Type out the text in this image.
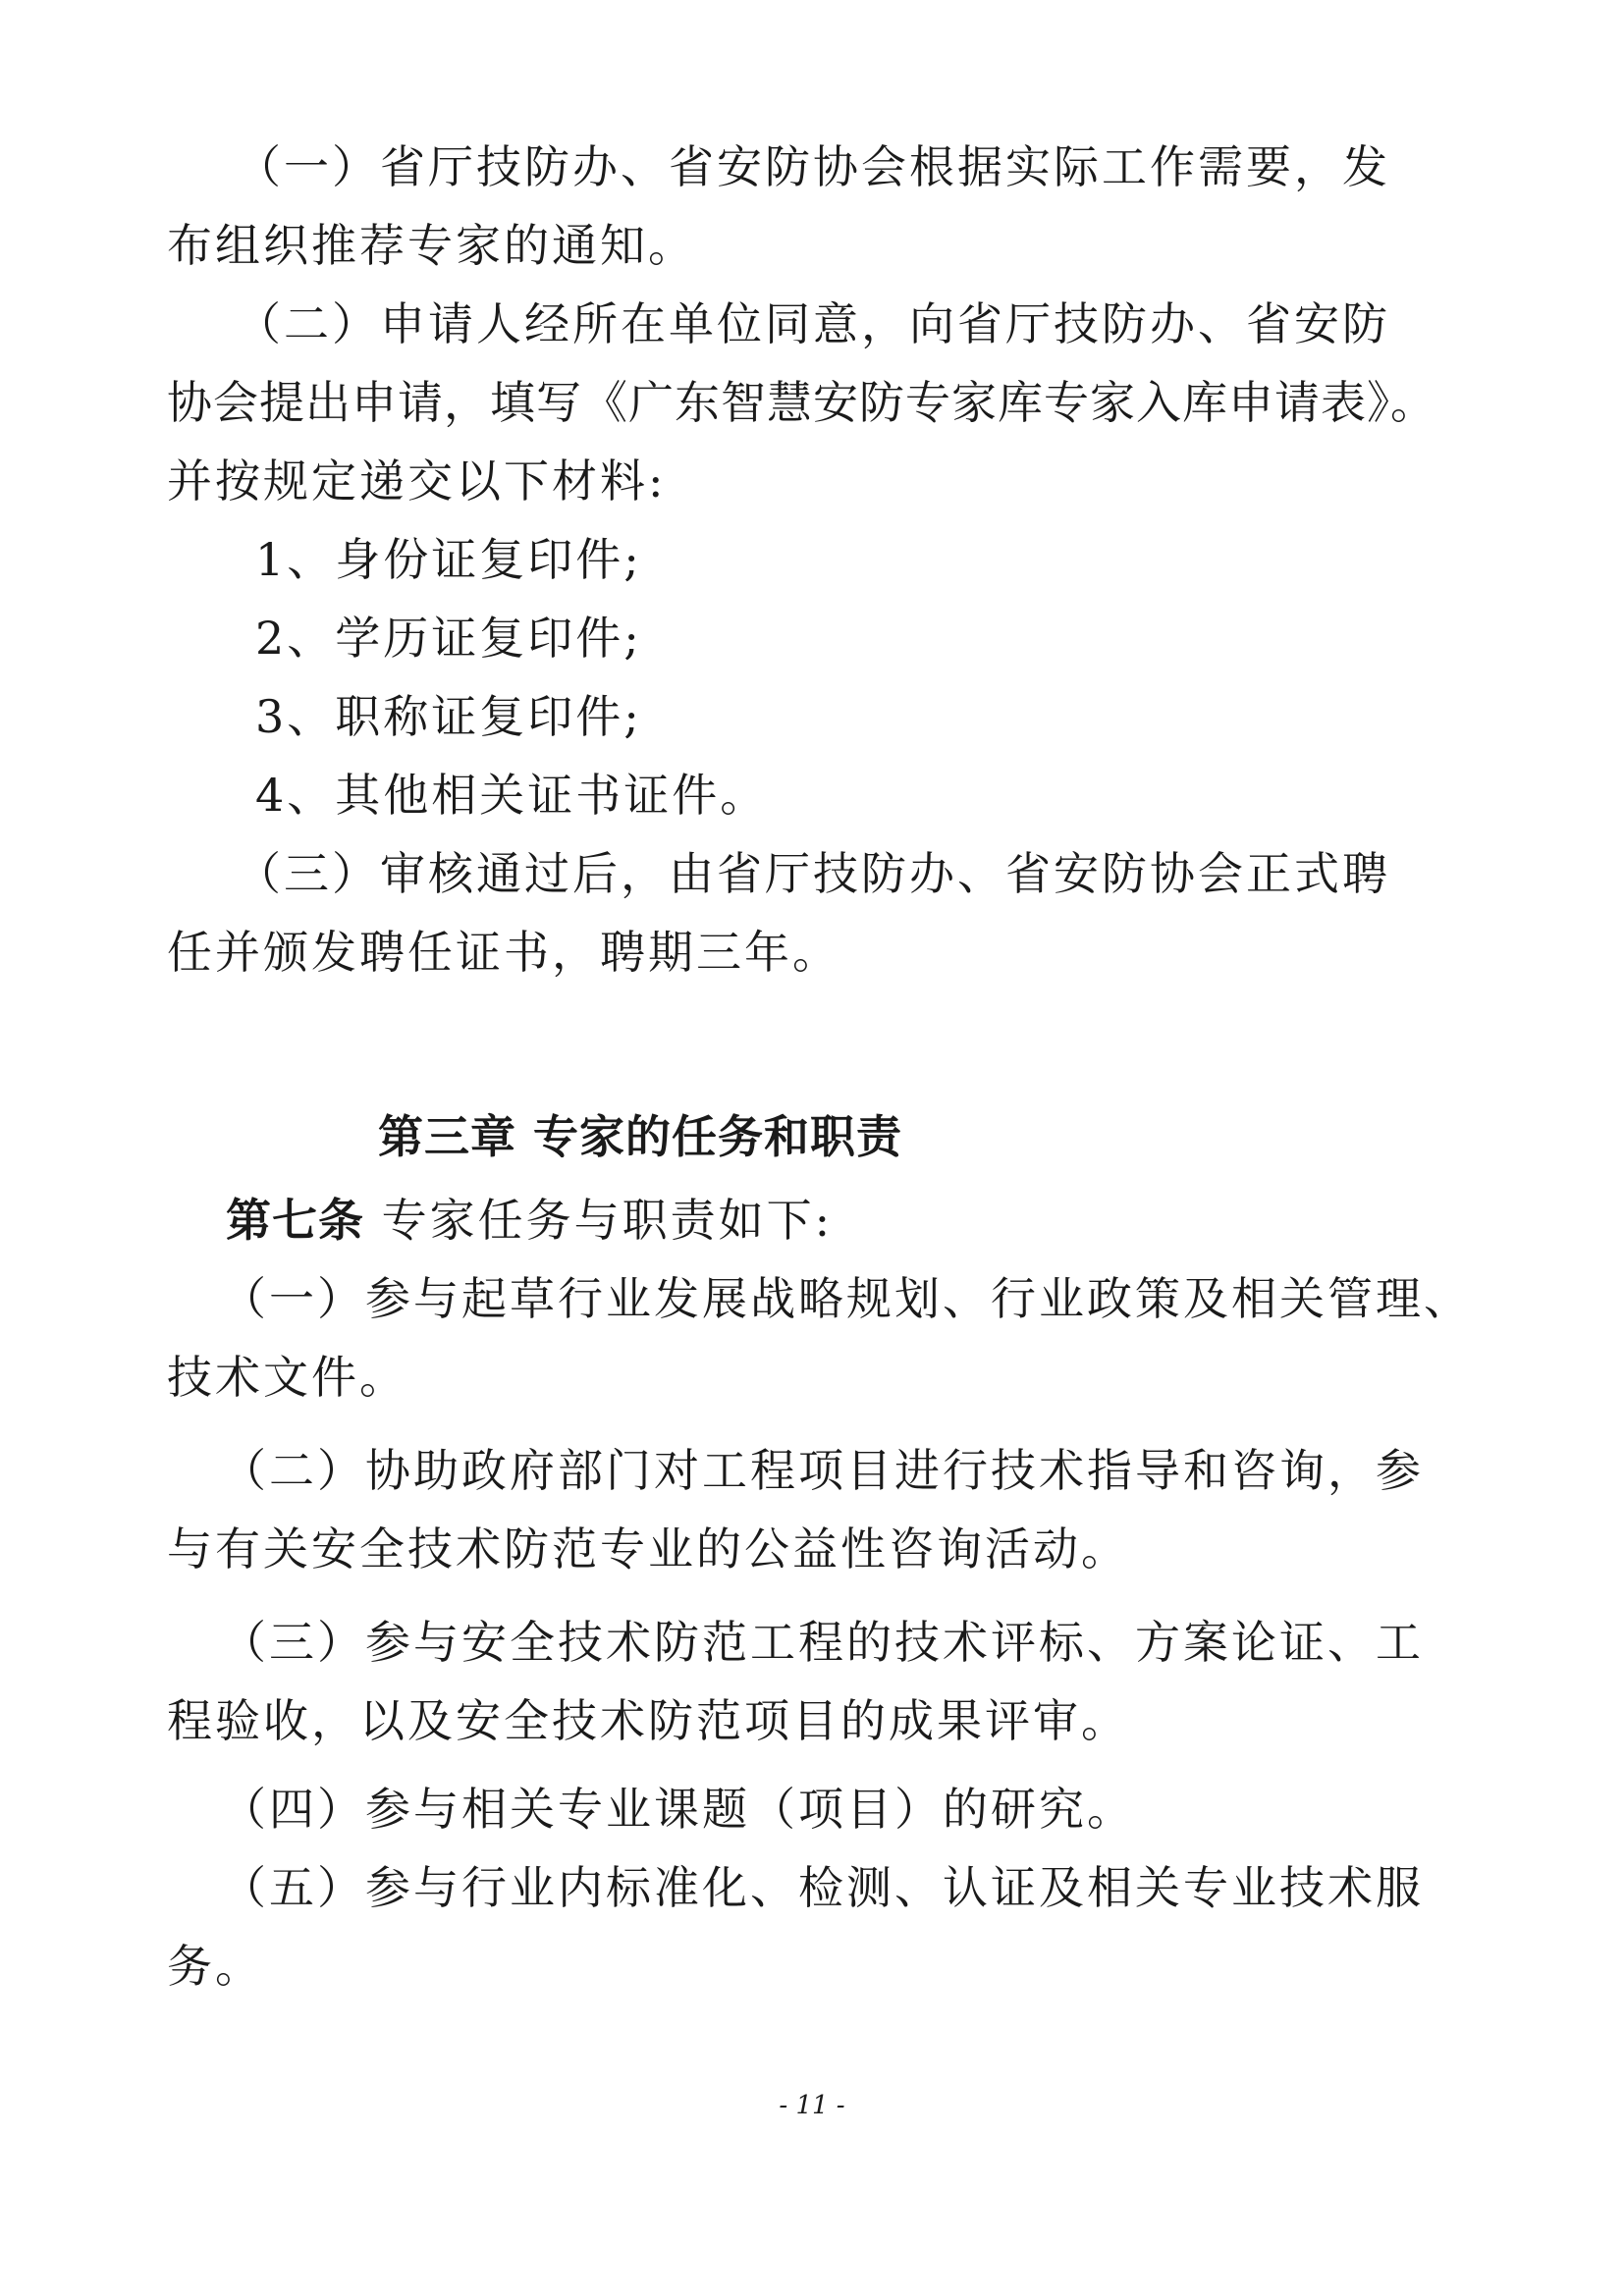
（一）省厅技防办、省安防协会根据实际工作需要，发
布组织推荐专家的通知。
（二）申请人经所在单位同意，向省厅技防办、省安防
协会提出申请，填写《广东智慧安防专家库专家入库申请表》。
并按规定递交以下材料:
1、身份证复印件;
2、学历证复印件;
3、职称证复印件;
4、其他相关证书证件。
（三）审核通过后，由省厅技防办、省安防协会正式聘
任并颁发聘任证书，聘期三年。
第三章 专家的任务和职责
第七条 专家任务与职责如下:
（一）参与起草行业发展战略规划、行业政策及相关管理、
技术文件。
（二）协助政府部门对工程项目进行技术指导和咨询，参
与有关安全技术防范专业的公益性咨询活动。
（三）参与安全技术防范工程的技术评标、方案论证、工
程验收，以及安全技术防范项目的成果评审。
（四）参与相关专业课题（项目）的研究。
（五）参与行业内标准化、检测、认证及相关专业技术服
务。
- 11 -
